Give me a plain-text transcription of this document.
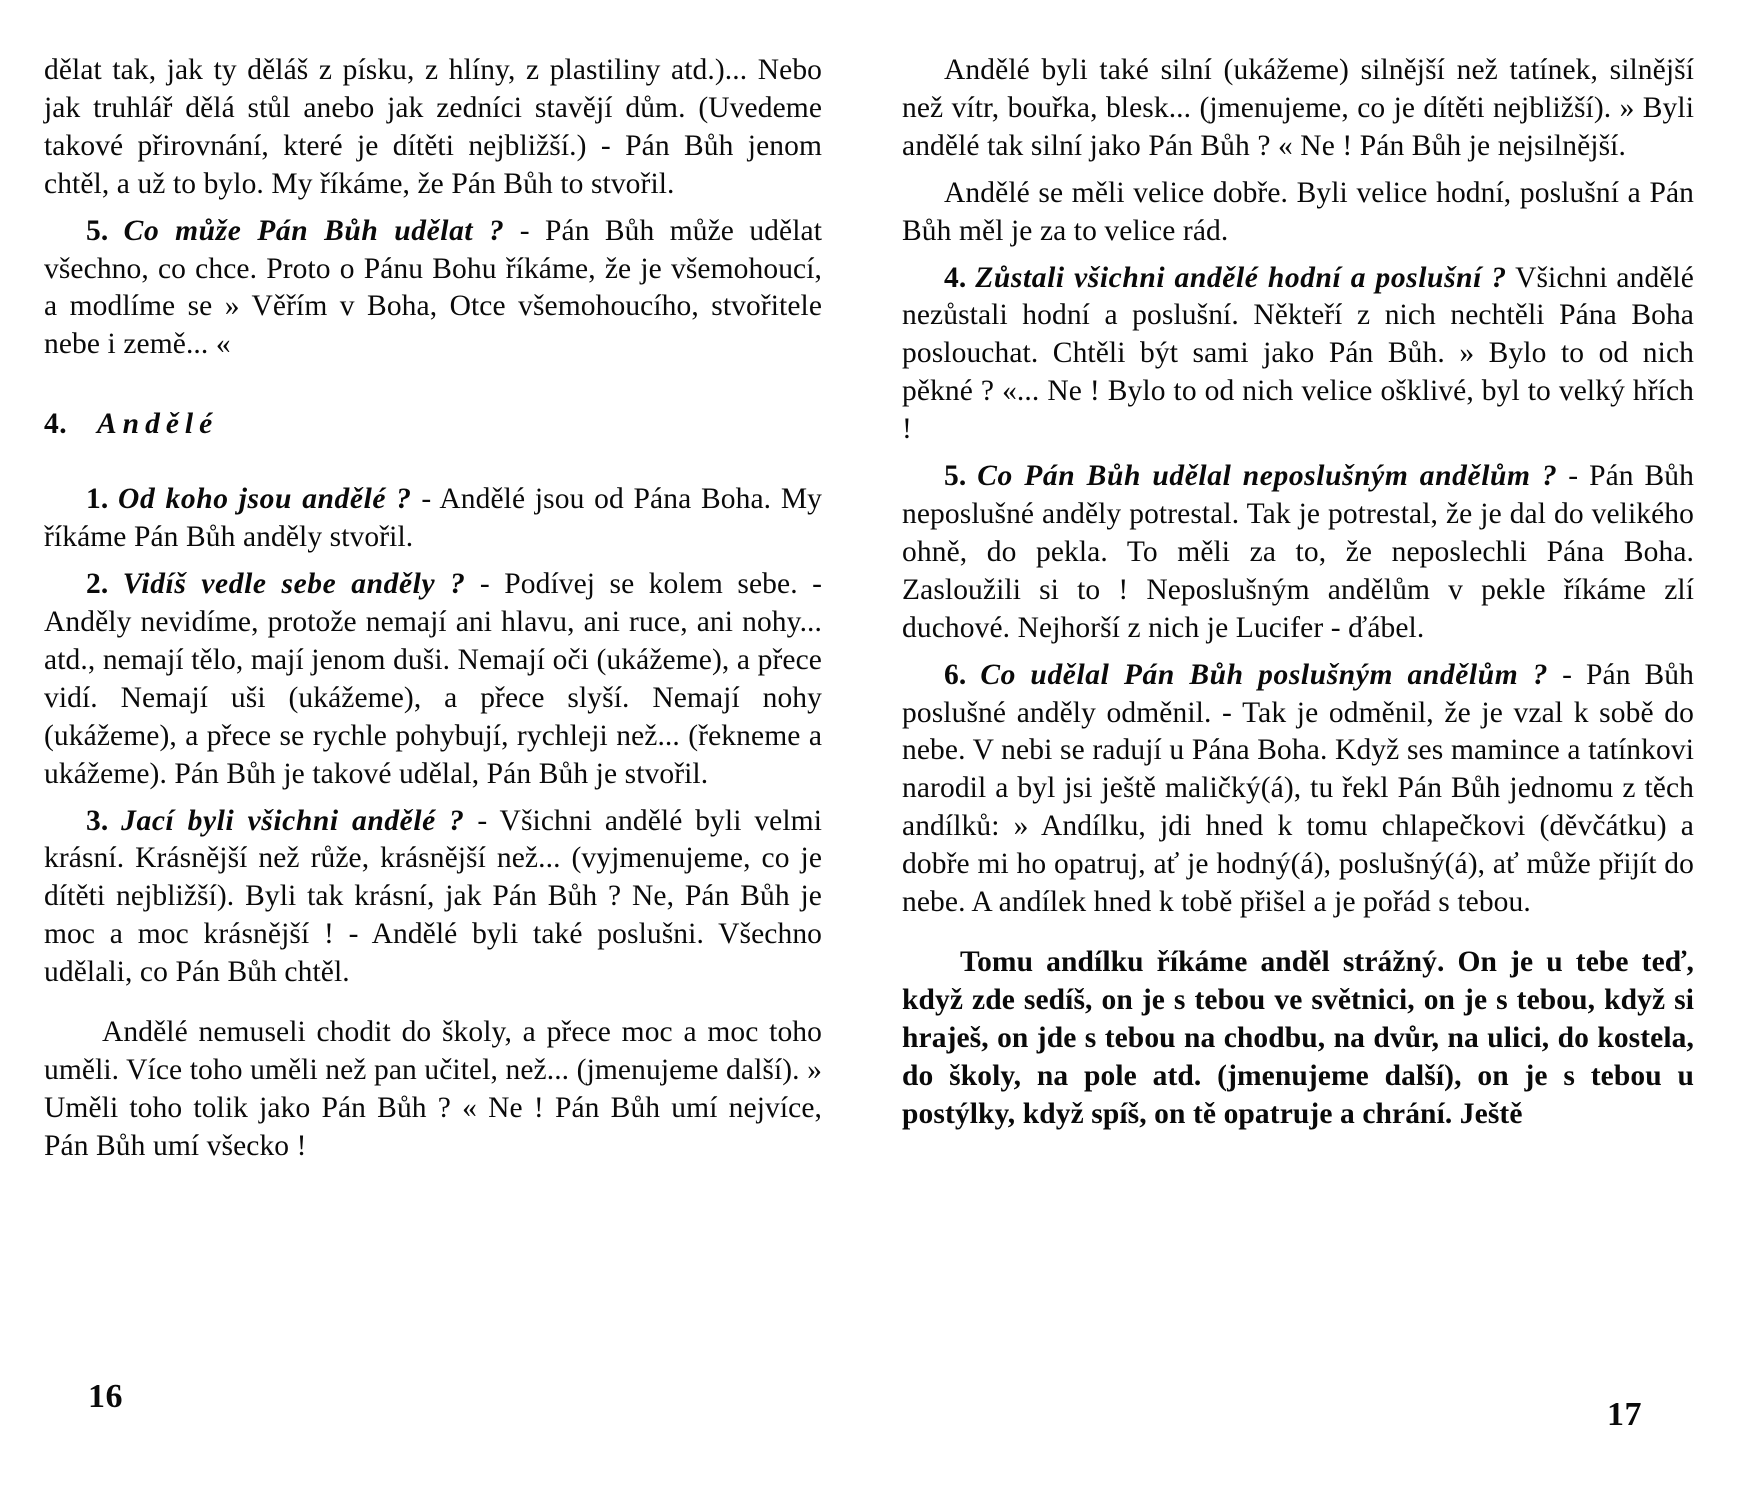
dělat tak, jak ty děláš z písku, z hlíny, z plastiliny atd.)... Nebo jak truhlář dělá stůl anebo jak zedníci stavějí dům. (Uvedeme takové přirovnání, které je dítěti nejbližší.) - Pán Bůh jenom chtěl, a už to bylo. My říkáme, že Pán Bůh to stvořil.

5. Co může Pán Bůh udělat ? - Pán Bůh může udělat všechno, co chce. Proto o Pánu Bohu říkáme, že je všemohoucí, a modlíme se » Věřím v Boha, Otce všemohoucího, stvořitele nebe i země... «

4. Andělé

1. Od koho jsou andělé ? - Andělé jsou od Pána Boha. My říkáme Pán Bůh anděly stvořil.

2. Vidíš vedle sebe anděly ? - Podívej se kolem sebe. - Anděly nevidíme, protože nemají ani hlavu, ani ruce, ani nohy... atd., nemají tělo, mají jenom duši. Nemají oči (ukážeme), a přece vidí. Nemají uši (ukážeme), a přece slyší. Nemají nohy (ukážeme), a přece se rychle pohybují, rychleji než... (řekneme a ukážeme). Pán Bůh je takové udělal, Pán Bůh je stvořil.

3. Jací byli všichni andělé ? - Všichni andělé byli velmi krásní. Krásnější než růže, krásnější než... (vyjmenujeme, co je dítěti nejbližší). Byli tak krásní, jak Pán Bůh ? Ne, Pán Bůh je moc a moc krásnější ! - Andělé byli také poslušni. Všechno udělali, co Pán Bůh chtěl.

Andělé nemuseli chodit do školy, a přece moc a moc toho uměli. Více toho uměli než pan učitel, než... (jmenujeme další). » Uměli toho tolik jako Pán Bůh ? « Ne ! Pán Bůh umí nejvíce, Pán Bůh umí všecko !

16

Andělé byli také silní (ukážeme) silnější než tatínek, silnější než vítr, bouřka, blesk... (jmenujeme, co je dítěti nejbližší). » Byli andělé tak silní jako Pán Bůh ? « Ne ! Pán Bůh je nejsilnější.

Andělé se měli velice dobře. Byli velice hodní, poslušní a Pán Bůh měl je za to velice rád.

4. Zůstali všichni andělé hodní a poslušní ? Všichni andělé nezůstali hodní a poslušní. Někteří z nich nechtěli Pána Boha poslouchat. Chtěli být sami jako Pán Bůh. » Bylo to od nich pěkné ? «... Ne ! Bylo to od nich velice ošklivé, byl to velký hřích !

5. Co Pán Bůh udělal neposlušným andělům ? - Pán Bůh neposlušné anděly potrestal. Tak je potrestal, že je dal do velikého ohně, do pekla. To měli za to, že neposlechli Pána Boha. Zasloužili si to ! Neposlušným andělům v pekle říkáme zlí duchové. Nejhorší z nich je Lucifer - ďábel.

6. Co udělal Pán Bůh poslušným andělům ? - Pán Bůh poslušné anděly odměnil. - Tak je odměnil, že je vzal k sobě do nebe. V nebi se radují u Pána Boha. Když ses mamince a tatínkovi narodil a byl jsi ještě maličký(á), tu řekl Pán Bůh jednomu z těch andílků: » Andílku, jdi hned k tomu chlapečkovi (děvčátku) a dobře mi ho opatruj, ať je hodný(á), poslušný(á), ať může přijít do nebe. A andílek hned k tobě přišel a je pořád s tebou.

Tomu andílku říkáme anděl strážný. On je u tebe teď, když zde sedíš, on je s tebou ve světnici, on je s tebou, když si hraješ, on jde s tebou na chodbu, na dvůr, na ulici, do kostela, do školy, na pole atd. (jmenujeme další), on je s tebou u postýlky, když spíš, on tě opatruje a chrání. Ještě

17
